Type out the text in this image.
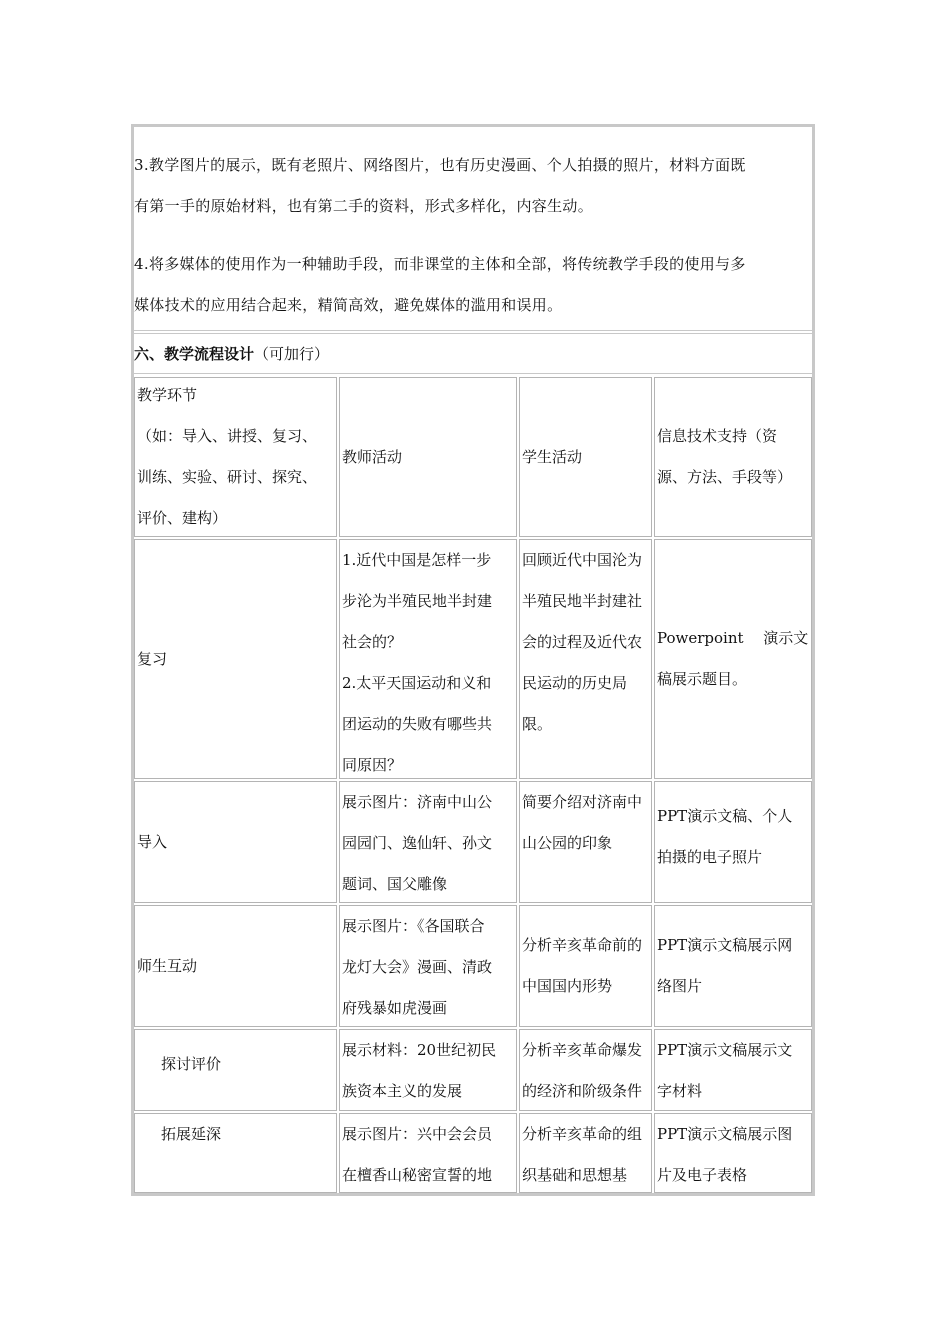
3.教学图片的展示，既有老照片、网络图片，也有历史漫画、个人拍摄的照片，材料方面既
有第一手的原始材料，也有第二手的资料，形式多样化，内容生动。
4.将多媒体的使用作为一种辅助手段，而非课堂的主体和全部，将传统教学手段的使用与多
媒体技术的应用结合起来，精简高效，避免媒体的滥用和误用。
六、教学流程设计 （可加行）
教学环节
（如：导入、讲授、复习、
训练、实验、研讨、探究、
评价、建构）
教师活动	学生活动
信息技术支持（资
源、方法、手段等）
复习
1.近代中国是怎样一步
步沦为半殖民地半封建
社会的？
2.太平天国运动和义和
团运动的失败有哪些共
同原因？
回顾近代中国沦为
半殖民地半封建社
会的过程及近代农
民运动的历史局
限。
Powerpoint　 演示文
稿展示题目。
导入
展示图片：济南中山公
园园门、逸仙轩、孙文
题词、国父雕像
简要介绍对济南中
山公园的印象
PPT演示文稿、个人
拍摄的电子照片
师生互动
展示图片：《各国联合
龙灯大会》漫画、清政
府残暴如虎漫画
分析辛亥革命前的
中国国内形势
PPT演示文稿展示网
络图片
探讨评价
展示材料：20世纪初民
族资本主义的发展
分析辛亥革命爆发
的经济和阶级条件
PPT演示文稿展示文
字材料
拓展延深	展示图片：兴中会会员
在檀香山秘密宣誓的地
分析辛亥革命的组
织基础和思想基
PPT演示文稿展示图
片及电子表格
